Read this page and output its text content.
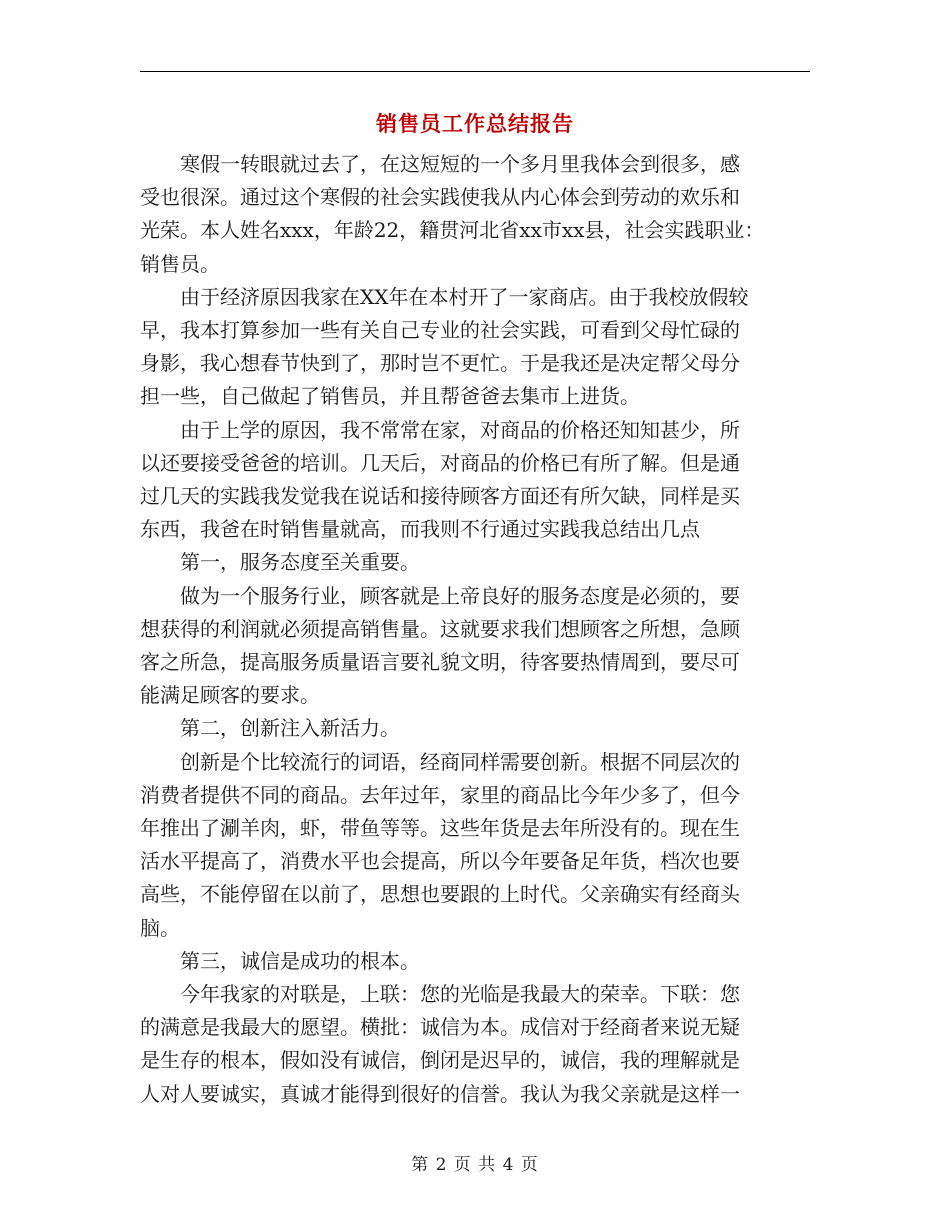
销售员工作总结报告
寒假一转眼就过去了，在这短短的一个多月里我体会到很多，感
受也很深。通过这个寒假的社会实践使我从内心体会到劳动的欢乐和
光荣。本人姓名xxx，年龄22，籍贯河北省xx市xx县，社会实践职业：
销售员。
由于经济原因我家在XX年在本村开了一家商店。由于我校放假较
早，我本打算参加一些有关自己专业的社会实践，可看到父母忙碌的
身影，我心想春节快到了，那时岂不更忙。于是我还是决定帮父母分
担一些，自己做起了销售员，并且帮爸爸去集市上进货。
由于上学的原因，我不常常在家，对商品的价格还知知甚少，所
以还要接受爸爸的培训。几天后，对商品的价格已有所了解。但是通
过几天的实践我发觉我在说话和接待顾客方面还有所欠缺，同样是买
东西，我爸在时销售量就高，而我则不行通过实践我总结出几点
第一，服务态度至关重要。
做为一个服务行业，顾客就是上帝良好的服务态度是必须的，要
想获得的利润就必须提高销售量。这就要求我们想顾客之所想，急顾
客之所急，提高服务质量语言要礼貌文明，待客要热情周到，要尽可
能满足顾客的要求。
第二，创新注入新活力。
创新是个比较流行的词语，经商同样需要创新。根据不同层次的
消费者提供不同的商品。去年过年，家里的商品比今年少多了，但今
年推出了涮羊肉，虾，带鱼等等。这些年货是去年所没有的。现在生
活水平提高了，消费水平也会提高，所以今年要备足年货，档次也要
高些，不能停留在以前了，思想也要跟的上时代。父亲确实有经商头
脑。
第三，诚信是成功的根本。
今年我家的对联是，上联：您的光临是我最大的荣幸。下联：您
的满意是我最大的愿望。横批：诚信为本。成信对于经商者来说无疑
是生存的根本，假如没有诚信，倒闭是迟早的，诚信，我的理解就是
人对人要诚实，真诚才能得到很好的信誉。我认为我父亲就是这样一
第 2 页 共 4 页
